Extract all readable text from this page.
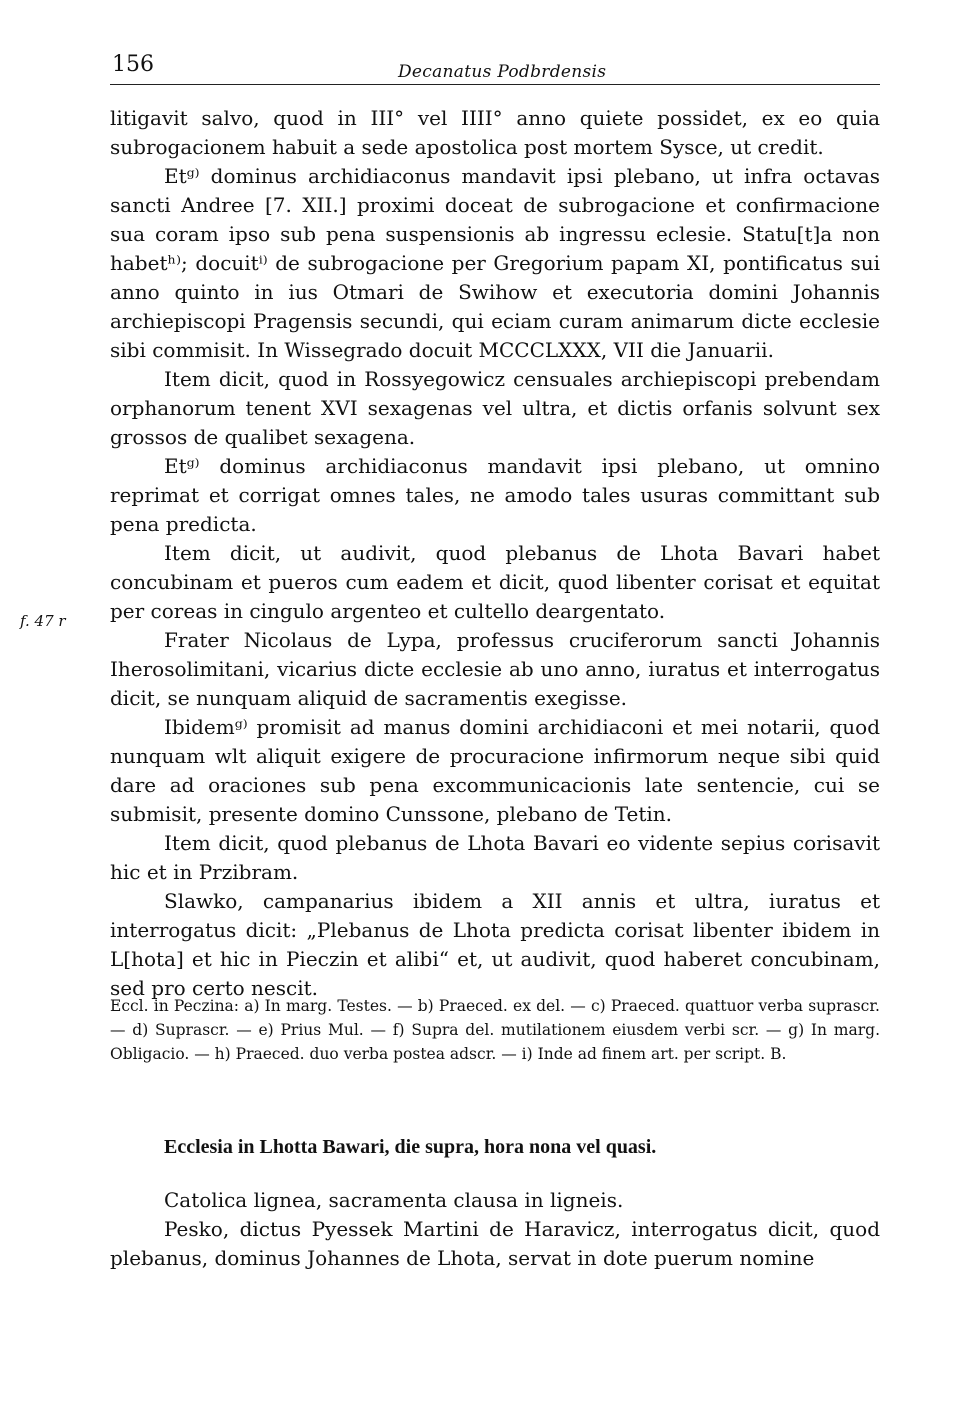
156	Decanatus Podbrdensis
f. 47 r

litigavit salvo, quod in III° vel IIII° anno quiete possidet, ex eo quia subrogacionem habuit a sede apostolica post mortem Sysce, ut credit.

Etᵍ⁾ dominus archidiaconus mandavit ipsi plebano, ut infra octavas sancti Andree [7. XII.] proximi doceat de subrogacione et confirmacione sua coram ipso sub pena suspensionis ab ingressu eclesie. Statu[t]a non habetʰ⁾; docuitⁱ⁾ de subrogacione per Gregorium papam XI, pontificatus sui anno quinto in ius Otmari de Swihow et executoria domini Johannis archiepiscopi Pragensis secundi, qui eciam curam animarum dicte ecclesie sibi commisit. In Wissegrado docuit MCCCLXXX, VII die Januarii.

Item dicit, quod in Rossyegowicz censuales archiepiscopi prebendam orphanorum tenent XVI sexagenas vel ultra, et dictis orfanis solvunt sex grossos de qualibet sexagena.

Etᵍ⁾ dominus archidiaconus mandavit ipsi plebano, ut omnino reprimat et corrigat omnes tales, ne amodo tales usuras committant sub pena predicta.

Item dicit, ut audivit, quod plebanus de Lhota Bavari habet concubinam et pueros cum eadem et dicit, quod libenter corisat et equitat per coreas in cingulo argenteo et cultello deargentato.

Frater Nicolaus de Lypa, professus cruciferorum sancti Johannis Iherosolimitani, vicarius dicte ecclesie ab uno anno, iuratus et interrogatus dicit, se nunquam aliquid de sacramentis exegisse.

Ibidemᵍ⁾ promisit ad manus domini archidiaconi et mei notarii, quod nunquam wlt aliquit exigere de procuracione infirmorum neque sibi quid dare ad oraciones sub pena excommunicacionis late sentencie, cui se submisit, presente domino Cunssone, plebano de Tetin.

Item dicit, quod plebanus de Lhota Bavari eo vidente sepius corisavit hic et in Przibram.

Slawko, campanarius ibidem a XII annis et ultra, iuratus et interrogatus dicit: „Plebanus de Lhota predicta corisat libenter ibidem in L[hota] et hic in Pieczin et alibi“ et, ut audivit, quod haberet concubinam, sed pro certo nescit.

Eccl. in Peczina: a) In marg. Testes. — b) Praeced. ex del. — c) Praeced. quattuor verba suprascr. — d) Suprascr. — e) Prius Mul. — f) Supra del. mutilationem eiusdem verbi scr. — g) In marg. Obligacio. — h) Praeced. duo verba postea adscr. — i) Inde ad finem art. per script. B.
Ecclesia in Lhotta Bawari, die supra, hora nona vel quasi.

Catolica lignea, sacramenta clausa in ligneis.

Pesko, dictus Pyessek Martini de Haravicz, interrogatus dicit, quod plebanus, dominus Johannes de Lhota, servat in dote puerum nomine
